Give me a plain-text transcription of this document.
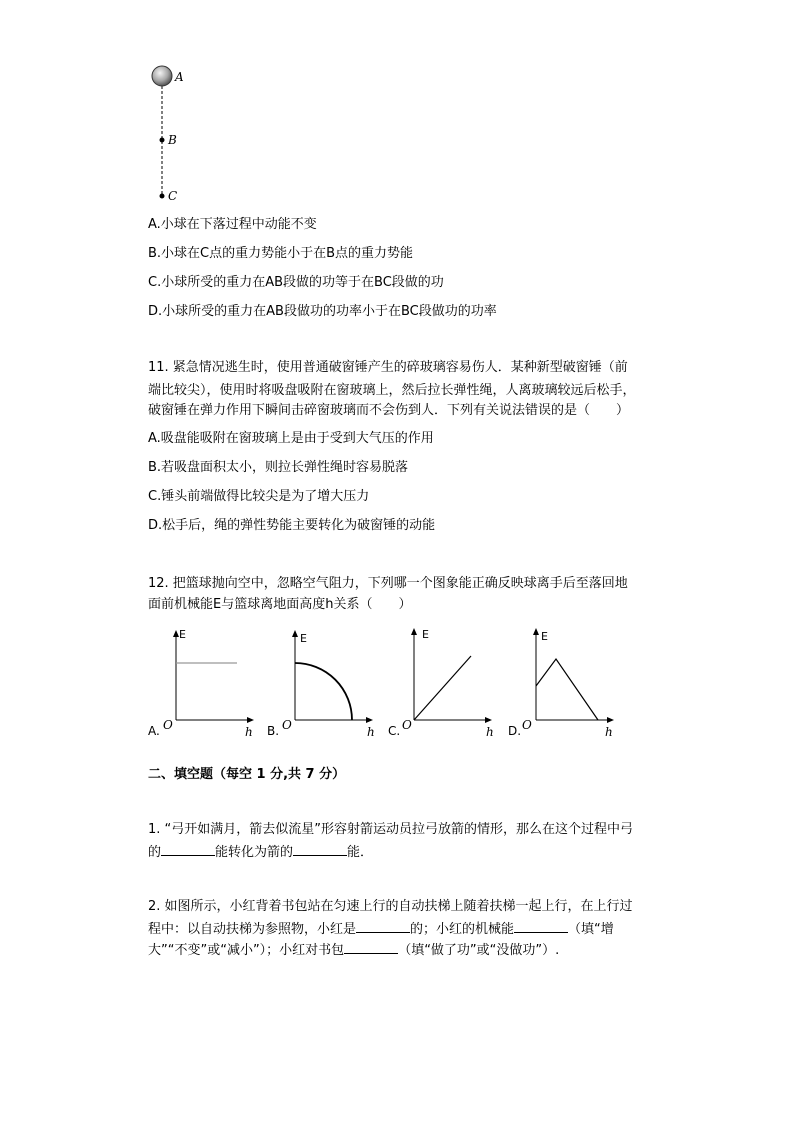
A
B
C
A.小球在下落过程中动能不变
B.小球在C点的重力势能小于在B点的重力势能
C.小球所受的重力在AB段做的功等于在BC段做的功
D.小球所受的重力在AB段做功的功率小于在BC段做功的功率
11. 紧急情况逃生时，使用普通破窗锤产生的碎玻璃容易伤人．某种新型破窗锤（前
端比较尖），使用时将吸盘吸附在窗玻璃上，然后拉长弹性绳，人离玻璃较远后松手，
破窗锤在弹力作用下瞬间击碎窗玻璃而不会伤到人．下列有关说法错误的是（　　）
A.吸盘能吸附在窗玻璃上是由于受到大气压的作用
B.若吸盘面积太小，则拉长弹性绳时容易脱落
C.锤头前端做得比较尖是为了增大压力
D.松手后，绳的弹性势能主要转化为破窗锤的动能
12. 把篮球抛向空中，忽略空气阻力，下列哪一个图象能正确反映球离手后至落回地
面前机械能E与篮球离地面高度h关系（　　）
E
A. O	h
E
B. O	h
E
C. O	h
E
D. O	h
二、填空题（每空 1 分,共 7 分）
1. “弓开如满月，箭去似流星”形容射箭运动员拉弓放箭的情形，那么在这个过程中弓
的	能转化为箭的	能．
2. 如图所示，小红背着书包站在匀速上行的自动扶梯上随着扶梯一起上行，在上行过
程中：以自动扶梯为参照物，小红是	的；小红的机械能	（填“增
大”“不变”或“减小”）；小红对书包	（填“做了功”或“没做功”）.
